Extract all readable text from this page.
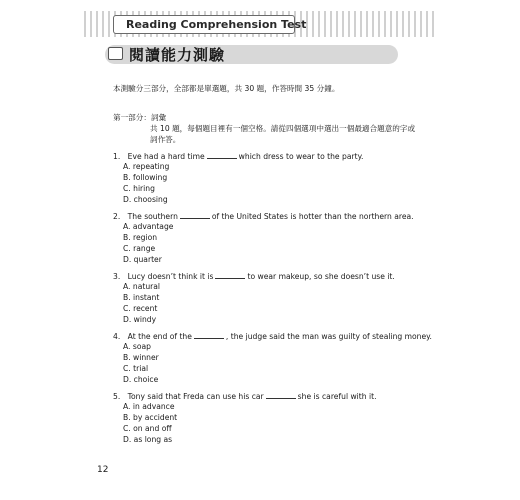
Reading Comprehension Test
閱讀能力測驗
本測驗分三部分，全部都是單選題，共 30 題，作答時間 35 分鐘。
第一部分：詞彙
共 10 題，每個題目裡有一個空格。請從四個選項中選出一個最適合題意的字或
詞作答。
1. Eve had a hard time	which dress to wear to the party.
A. repeating
B. following
C. hiring
D. choosing
2. The southern	of the United States is hotter than the northern area.
A. advantage
B. region
C. range
D. quarter
3. Lucy doesn’t think it is	to wear makeup, so she doesn’t use it.
A. natural
B. instant
C. recent
D. windy
4. At the end of the	, the judge said the man was guilty of stealing money.
A. soap
B. winner
C. trial
D. choice
5. Tony said that Freda can use his car	she is careful with it.
A. in advance
B. by accident
C. on and off
D. as long as
12
